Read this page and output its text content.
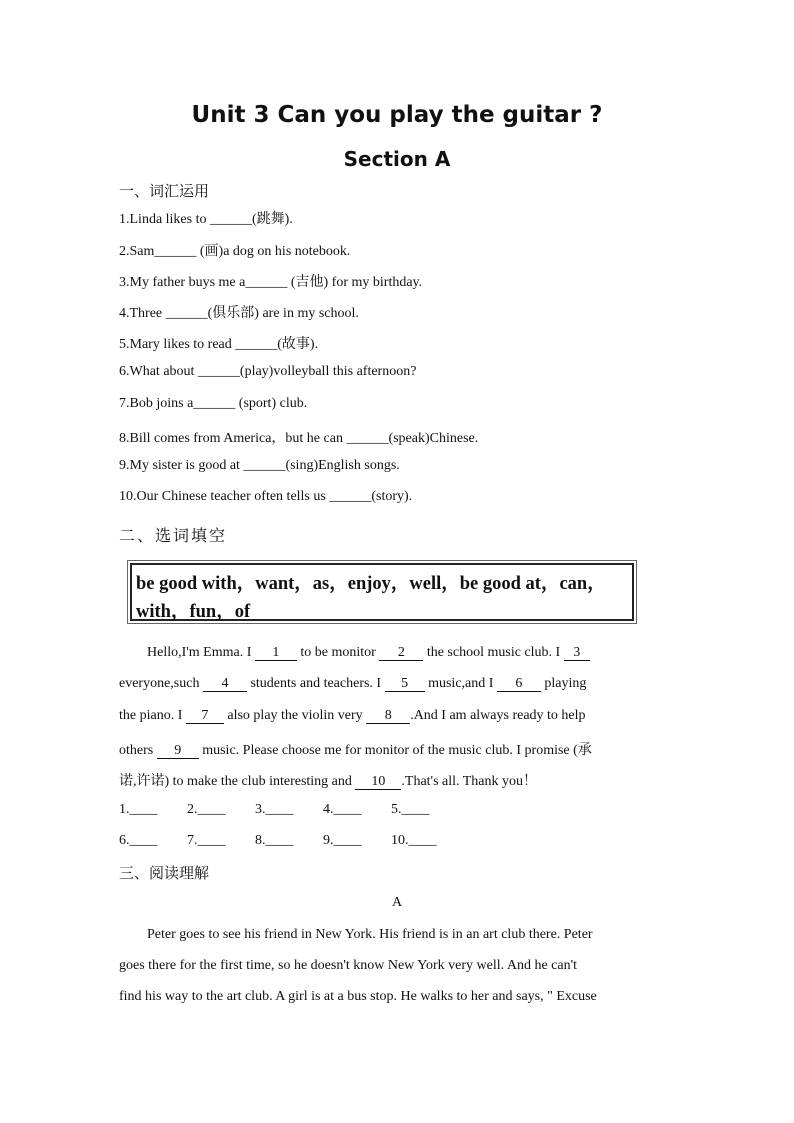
Unit 3 Can you play the guitar ?
Section A
一、词汇运用
1.Linda likes to ______(跳舞).
2.Sam______ (画)a dog on his notebook.
3.My father buys me a______ (吉他) for my birthday.
4.Three ______(俱乐部) are in my school.
5.Mary likes to read ______(故事).
6.What about ______(play)volleyball this afternoon?
7.Bob joins a______ (sport) club.
8.Bill comes from America，but he can ______(speak)Chinese.
9.My sister is good at ______(sing)English songs.
10.Our Chinese teacher often tells us ______(story).
二、选词填空
be good with，want，as，enjoy，well，be good at，can，
with，fun，of
Hello,I'm Emma. I 1 to be monitor 2 the school music club. I 3
everyone,such 4 students and teachers. I 5 music,and I 6 playing
the piano. I 7 also play the violin very 8 .And I am always ready to help
others 9 music. Please choose me for monitor of the music club. I promise (承
诺,许诺) to make the club interesting and 10 .That's all. Thank you！
1.____ 2.____ 3.____ 4.____ 5.____
6.____ 7.____ 8.____ 9.____ 10.____
三、阅读理解
A
Peter goes to see his friend in New York. His friend is in an art club there. Peter
goes there for the first time, so he doesn't know New York very well. And he can't
find his way to the art club. A girl is at a bus stop. He walks to her and says, " Excuse
